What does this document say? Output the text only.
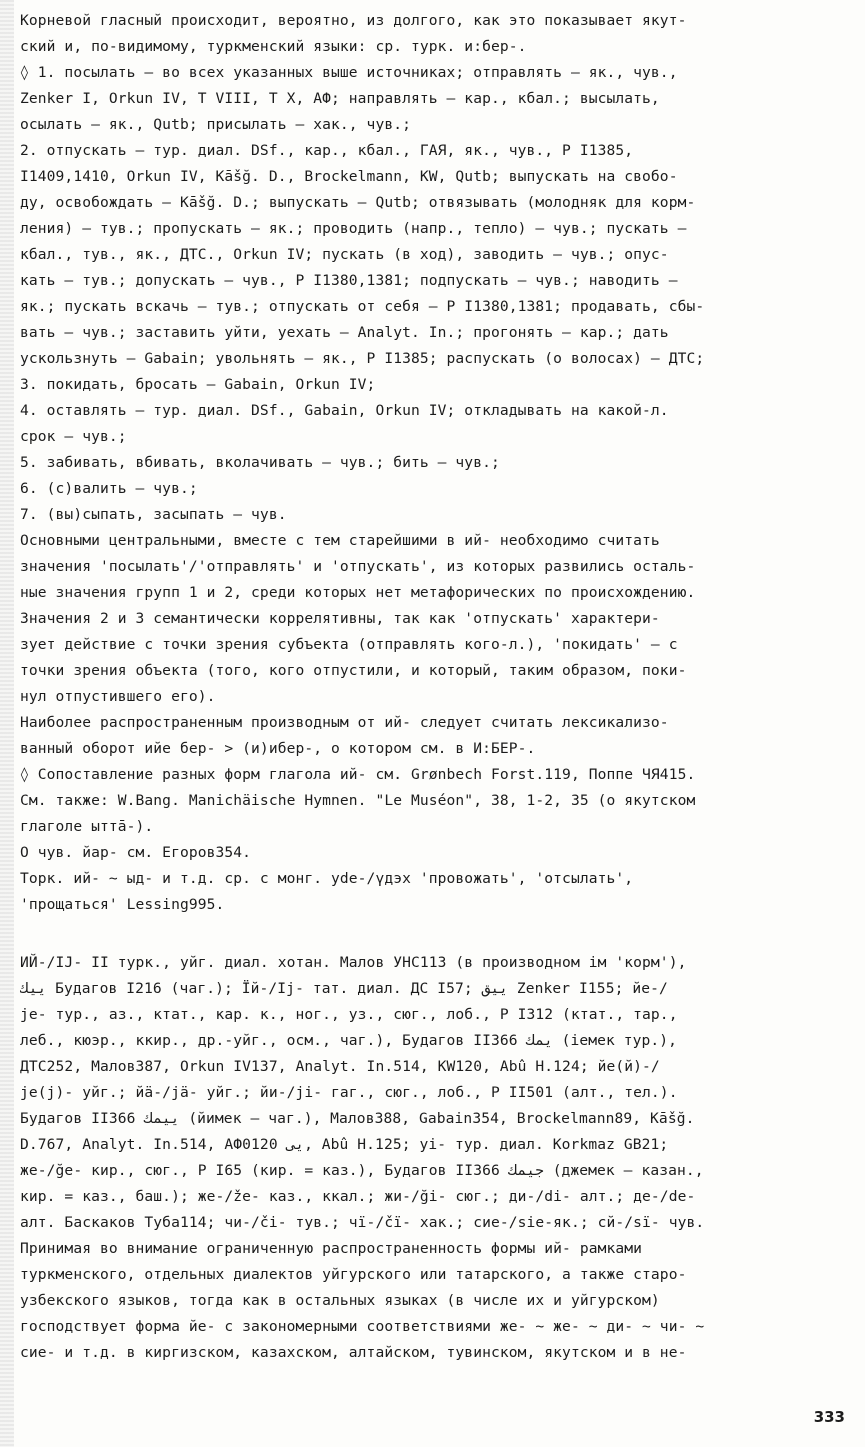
Корневой гласный происходит, вероятно, из долгого, как это показывает якут-
ский и, по-видимому, туркменский языки: ср. турк. и:бер-.
◊ 1. посылать – во всех указанных выше источниках; отправлять – як., чув.,
Zenker I, Orkun IV, T VIII, T X, АФ; направлять – кар., кбал.; высылать,
осылать – як., Qutb; присылать – хак., чув.;
2. отпускать – тур. диал. DSf., кар., кбал., ГАЯ, як., чув., P I1385,
I1409,1410, Orkun IV, Kāšğ. D., Brockelmann, KW, Qutb; выпускать на свобо-
ду, освобождать – Kāšğ. D.; выпускать – Qutb; отвязывать (молодняк для корм-
ления) – тув.; пропускать – як.; проводить (напр., тепло) – чув.; пускать –
кбал., тув., як., ДТС., Orkun IV; пускать (в ход), заводить – чув.; опус-
кать – тув.; допускать – чув., P I1380,1381; подпускать – чув.; наводить –
як.; пускать вскачь – тув.; отпускать от себя – P I1380,1381; продавать, сбы-
вать – чув.; заставить уйти, уехать – Analyt. In.; прогонять – кар.; дать
ускользнуть – Gabain; увольнять – як., P I1385; распускать (о волосах) – ДТС;
3. покидать, бросать – Gabain, Orkun IV;
4. оставлять – тур. диал. DSf., Gabain, Orkun IV; откладывать на какой-л.
срок – чув.;
5. забивать, вбивать, вколачивать – чув.; бить – чув.;
6. (с)валить – чув.;
7. (вы)сыпать, засыпать – чув.
Основными центральными, вместе с тем старейшими в ий- необходимо считать
значения 'посылать'/'отправлять' и 'отпускать', из которых развились осталь-
ные значения групп 1 и 2, среди которых нет метафорических по происхождению.
Значения 2 и 3 семантически коррелятивны, так как 'отпускать' характери-
зует действие с точки зрения субъекта (отправлять кого-л.), 'покидать' – с
точки зрения объекта (того, кого отпустили, и который, таким образом, поки-
нул отпустившего его).
Наиболее распространенным производным от ий- следует считать лексикализо-
ванный оборот ийе бер- > (и)ибер-, о котором см. в И:БЕР-.
◊ Сопоставление разных форм глагола ий- см. Grønbech Forst.119, Поппе ЧЯ415.
См. также: W.Bang. Manichäische Hymnen. "Le Muséon", 38, 1-2, 35 (о якутском
глаголе ыттā-).
О чув. йар- см. Егоров354.
Торк. ий- ~ ыд- и т.д. ср. с монг. yde-/үдэх 'провожать', 'отсылать',
'прощаться' Lessing995.
ИЙ-/IJ- II турк., уйг. диал. хотан. Малов УНС113 (в производном iм 'корм'),
ييك Будагов I216 (чаг.); Їй-/Ij- тат. диал. ДС I57; ييق Zenker I155; йе-/
je- тур., аз., ктат., кар. к., ног., уз., сюг., лоб., P I312 (ктат., тар.,
леб., кюэр., ккир., др.-уйг., осм., чаг.), Будагов II366 يمك (iемек тур.),
ДТС252, Малов387, Orkun IV137, Analyt. In.514, KW120, Abû H.124; йе(й)-/
je(j)- уйг.; йä-/jä- уйг.; йи-/ji- гаг., сюг., лоб., P II501 (алт., тел.).
Будагов II366 ييمك (йимек – чаг.), Малов388, Gabain354, Brockelmann89, Kāšğ.
D.767, Analyt. In.514, АФ0120 يى, Abû H.125; yi- тур. диал. Korkmaz GB21;
же-/ğe- кир., сюг., P I65 (кир. = каз.), Будагов II366 جيمك (джемек – казан.,
кир. = каз., баш.); же-/že- каз., ккал.; жи-/ği- сюг.; ди-/di- алт.; дe-/de-
алт. Баскаков Туба114; чи-/či- тув.; чï-/čï- хак.; сие-/sie-як.; сй-/sï- чув.
Принимая во внимание ограниченную распространенность формы ий- рамками
туркменского, отдельных диалектов уйгурского или татарского, а также старо-
узбекского языков, тогда как в остальных языках (в числе их и уйгурском)
господствует форма йе- с закономерными соответствиями же- ~ же- ~ ди- ~ чи- ~
сие- и т.д. в киргизском, казахском, алтайском, тувинском, якутском и в не-
333
